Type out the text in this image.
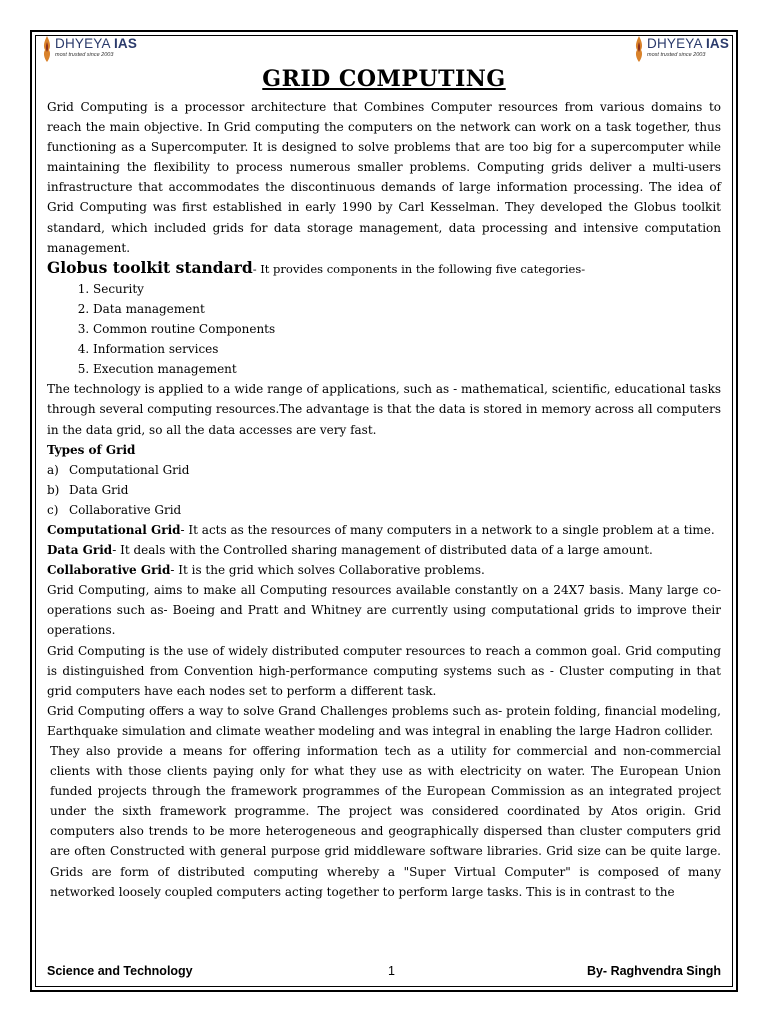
DHYEYA IAS
most trusted since 2003
DHYEYA IAS
most trusted since 2003
GRID COMPUTING

Grid Computing is a processor architecture that Combines Computer resources from various domains to reach the main objective. In Grid computing the computers on the network can work on a task together, thus functioning as a Supercomputer. It is designed to solve problems that are too big for a supercomputer while maintaining the flexibility to process numerous smaller problems. Computing grids deliver a multi-users infrastructure that accommodates the discontinuous demands of large information processing. The idea of Grid Computing was first established in early 1990 by Carl Kesselman. They developed the Globus toolkit standard, which included grids for data storage management, data processing and intensive computation management.

Globus toolkit standard- It provides components in the following five categories-

1. Security
2. Data management
3. Common routine Components
4. Information services
5. Execution management

The technology is applied to a wide range of applications, such as - mathematical, scientific, educational tasks through several computing resources.The advantage is that the data is stored in memory across all computers in the data grid, so all the data accesses are very fast.

Types of Grid

a) Computational Grid
b) Data Grid
c) Collaborative Grid

Computational Grid- It acts as the resources of many computers in a network to a single problem at a time.

Data Grid- It deals with the Controlled sharing management of distributed data of a large amount.

Collaborative Grid- It is the grid which solves Collaborative problems.

Grid Computing, aims to make all Computing resources available constantly on a 24X7 basis. Many large co-operations such as- Boeing and Pratt and Whitney are currently using computational grids to improve their operations.

Grid Computing is the use of widely distributed computer resources to reach a common goal. Grid computing is distinguished from Convention high-performance computing systems such as - Cluster computing in that grid computers have each nodes set to perform a different task.

Grid Computing offers a way to solve Grand Challenges problems such as- protein folding, financial modeling, Earthquake simulation and climate weather modeling and was integral in enabling the large Hadron collider.

They also provide a means for offering information tech as a utility for commercial and non-commercial clients with those clients paying only for what they use as with electricity on water. The European Union funded projects through the framework programmes of the European Commission as an integrated project under the sixth framework programme. The project was considered coordinated by Atos origin. Grid computers also trends to be more heterogeneous and geographically dispersed than cluster computers grid are often Constructed with general purpose grid middleware software libraries. Grid size can be quite large. Grids are form of distributed computing whereby a "Super Virtual Computer" is composed of many networked loosely coupled computers acting together to perform large tasks. This is in contrast to the

Science and Technology	1	By- Raghvendra Singh
